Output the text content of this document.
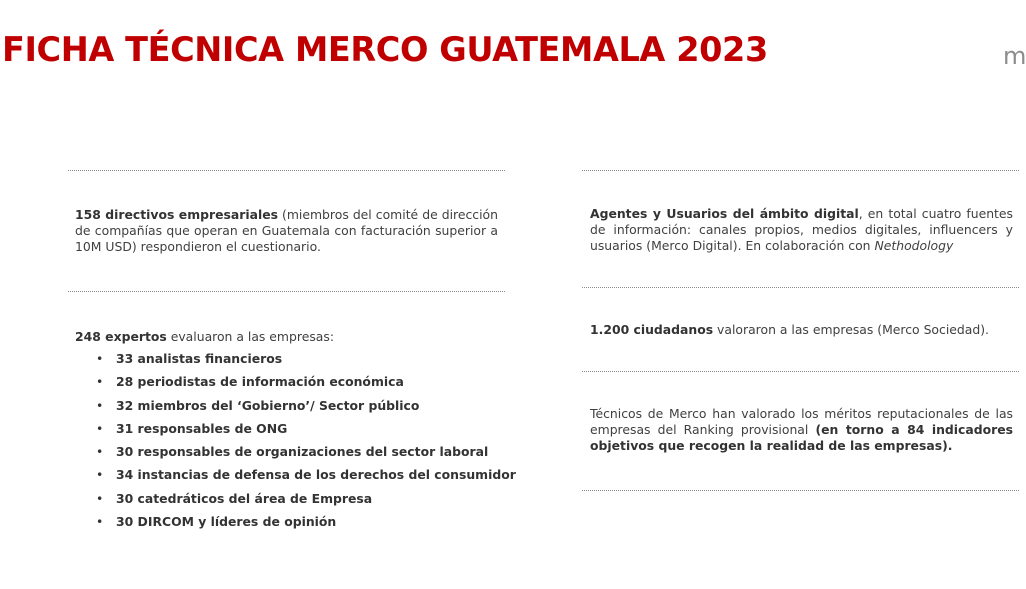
FICHA TÉCNICA MERCO GUATEMALA 2023	m
158 directivos empresariales (miembros del comité de dirección de compañías que operan en Guatemala con facturación superior a 10M USD) respondieron el cuestionario.
248 expertos evaluaron a las empresas:
• 33 analistas financieros
• 28 periodistas de información económica
• 32 miembros del ‘Gobierno’/ Sector público
• 31 responsables de ONG
• 30 responsables de organizaciones del sector laboral
• 34 instancias de defensa de los derechos del consumidor
• 30 catedráticos del área de Empresa
• 30 DIRCOM y líderes de opinión
Agentes y Usuarios del ámbito digital, en total cuatro fuentes de información: canales propios, medios digitales, influencers y usuarios (Merco Digital). En colaboración con Nethodology
1.200 ciudadanos valoraron a las empresas (Merco Sociedad).
Técnicos de Merco han valorado los méritos reputacionales de las empresas del Ranking provisional (en torno a 84 indicadores objetivos que recogen la realidad de las empresas).
